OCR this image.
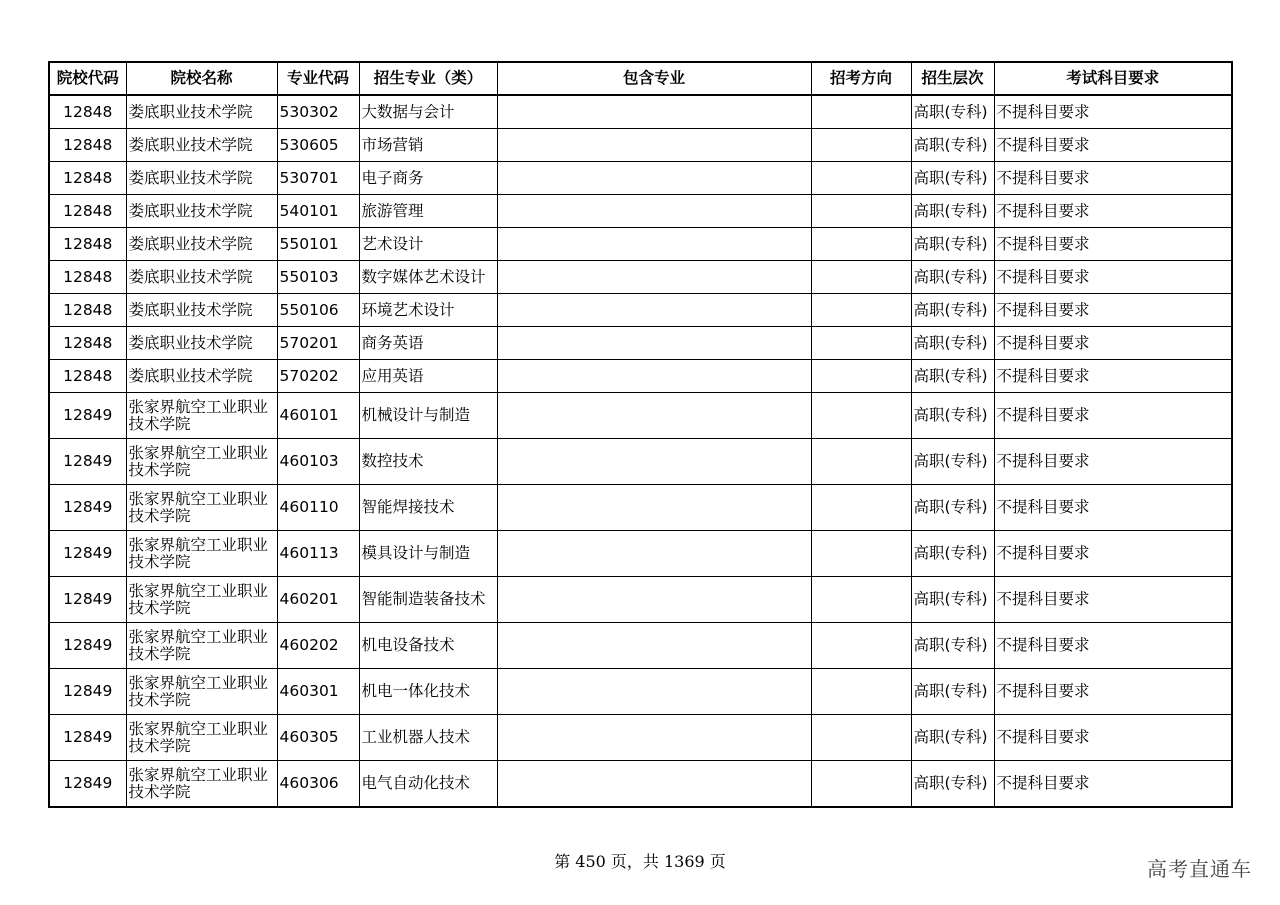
院校代码	院校名称	专业代码	招生专业（类）	包含专业	招考方向	招生层次	考试科目要求
12848	娄底职业技术学院	530302	大数据与会计			高职(专科)	不提科目要求
12848	娄底职业技术学院	530605	市场营销			高职(专科)	不提科目要求
12848	娄底职业技术学院	530701	电子商务			高职(专科)	不提科目要求
12848	娄底职业技术学院	540101	旅游管理			高职(专科)	不提科目要求
12848	娄底职业技术学院	550101	艺术设计			高职(专科)	不提科目要求
12848	娄底职业技术学院	550103	数字媒体艺术设计			高职(专科)	不提科目要求
12848	娄底职业技术学院	550106	环境艺术设计			高职(专科)	不提科目要求
12848	娄底职业技术学院	570201	商务英语			高职(专科)	不提科目要求
12848	娄底职业技术学院	570202	应用英语			高职(专科)	不提科目要求
12849	张家界航空工业职业技术学院	460101	机械设计与制造			高职(专科)	不提科目要求
12849	张家界航空工业职业技术学院	460103	数控技术			高职(专科)	不提科目要求
12849	张家界航空工业职业技术学院	460110	智能焊接技术			高职(专科)	不提科目要求
12849	张家界航空工业职业技术学院	460113	模具设计与制造			高职(专科)	不提科目要求
12849	张家界航空工业职业技术学院	460201	智能制造装备技术			高职(专科)	不提科目要求
12849	张家界航空工业职业技术学院	460202	机电设备技术			高职(专科)	不提科目要求
12849	张家界航空工业职业技术学院	460301	机电一体化技术			高职(专科)	不提科目要求
12849	张家界航空工业职业技术学院	460305	工业机器人技术			高职(专科)	不提科目要求
12849	张家界航空工业职业技术学院	460306	电气自动化技术			高职(专科)	不提科目要求
第 450 页，共 1369 页	高考直通车
